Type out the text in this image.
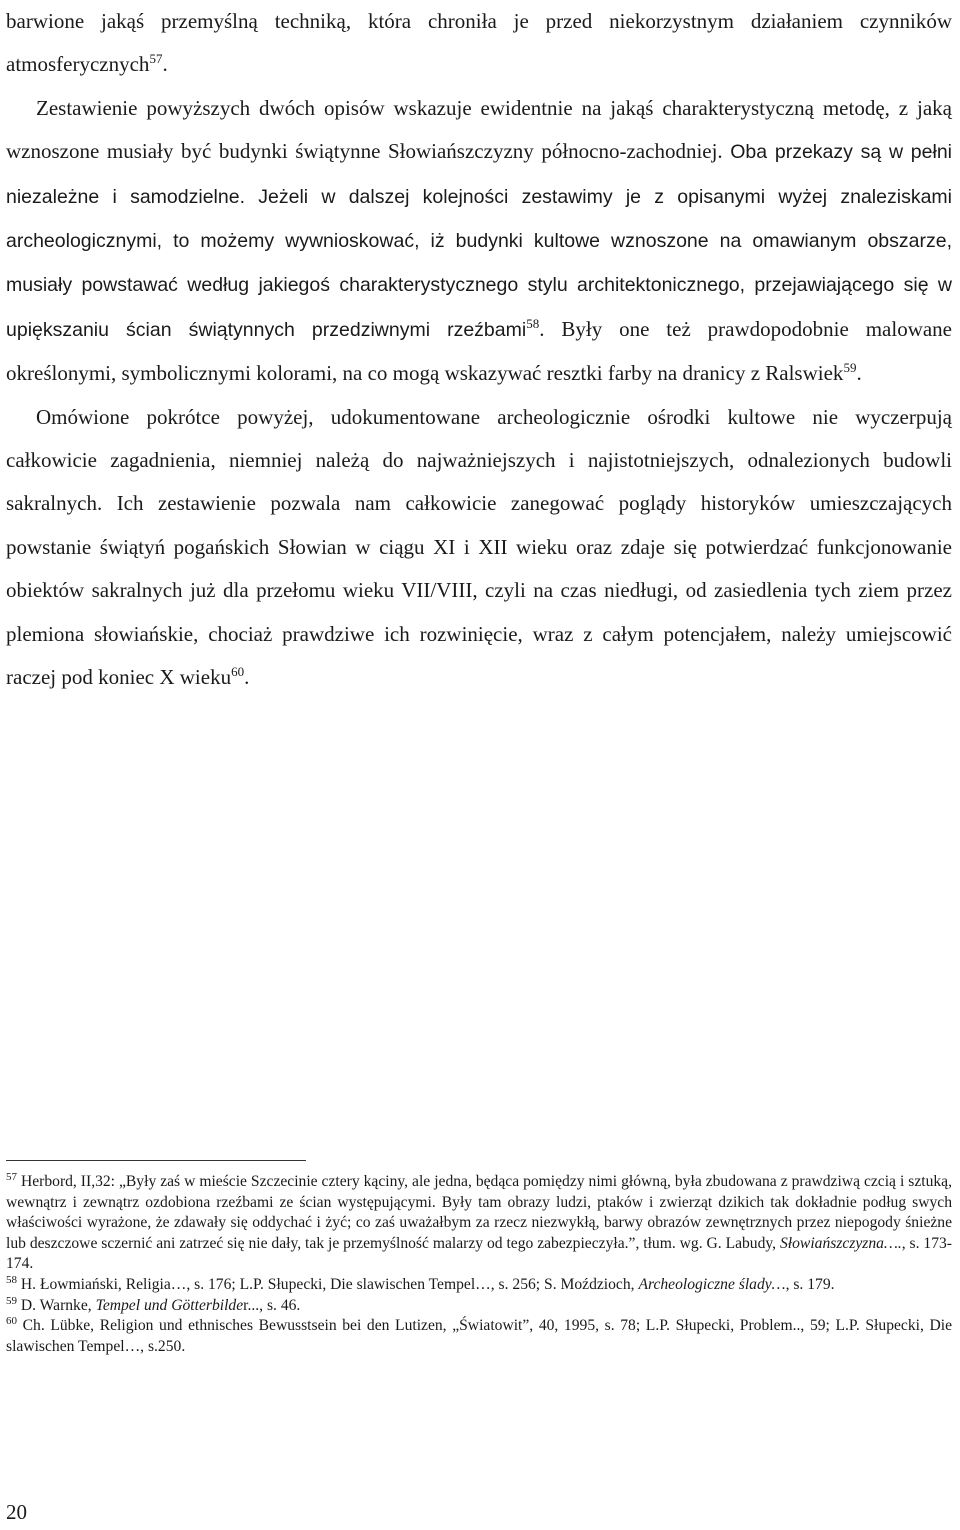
barwione jakąś przemyślną techniką, która chroniła je przed niekorzystnym działaniem czynników atmosferycznych$^{57}$.

Zestawienie powyższych dwóch opisów wskazuje ewidentnie na jakąś charakterystyczną metodę, z jaką wznoszone musiały być budynki świątynne Słowiańszczyzny północno-zachodniej. Oba przekazy są w pełni niezależne i samodzielne. Jeżeli w dalszej kolejności zestawimy je z opisanymi wyżej znaleziskami archeologicznymi, to możemy wywnioskować, iż budynki kultowe wznoszone na omawianym obszarze, musiały powstawać według jakiegoś charakterystycznego stylu architektonicznego, przejawiającego się w upiększaniu ścian świątynnych przedziwnymi rzeźbami$^{58}$. Były one też prawdopodobnie malowane określonymi, symbolicznymi kolorami, na co mogą wskazywać resztki farby na dranicy z Ralswiek$^{59}$.

Omówione pokrótce powyżej, udokumentowane archeologicznie ośrodki kultowe nie wyczerpują całkowicie zagadnienia, niemniej należą do najważniejszych i najistotniejszych, odnalezionych budowli sakralnych. Ich zestawienie pozwala nam całkowicie zanegować poglądy historyków umieszczających powstanie świątyń pogańskich Słowian w ciągu XI i XII wieku oraz zdaje się potwierdzać funkcjonowanie obiektów sakralnych już dla przełomu wieku VII/VIII, czyli na czas niedługi, od zasiedlenia tych ziem przez plemiona słowiańskie, chociaż prawdziwe ich rozwinięcie, wraz z całym potencjałem, należy umiejscowić raczej pod koniec X wieku$^{60}$.

$^{57}$ Herbord, II,32: „Były zaś w mieście Szczecinie cztery kąciny, ale jedna, będąca pomiędzy nimi główną, była zbudowana z prawdziwą czcią i sztuką, wewnątrz i zewnątrz ozdobiona rzeźbami ze ścian występującymi. Były tam obrazy ludzi, ptaków i zwierząt dzikich tak dokładnie podług swych właściwości wyrażone, że zdawały się oddychać i żyć; co zaś uważałbym za rzecz niezwykłą, barwy obrazów zewnętrznych przez niepogody śnieżne lub deszczowe sczernić ani zatrzeć się nie dały, tak je przemyślność malarzy od tego zabezpieczyła.”, tłum. wg. G. Labudy, Słowiańszczyzna…., s. 173-174.

$^{58}$ H. Łowmiański, Religia…, s. 176; L.P. Słupecki, Die slawischen Tempel…, s. 256; S. Moździoch, Archeologiczne ślady…, s. 179.

$^{59}$ D. Warnke, Tempel und Götterbilder..., s. 46.

$^{60}$ Ch. Lübke, Religion und ethnisches Bewusstsein bei den Lutizen, „Światowit”, 40, 1995, s. 78; L.P. Słupecki, Problem.., 59; L.P. Słupecki, Die slawischen Tempel…, s.250.

20
